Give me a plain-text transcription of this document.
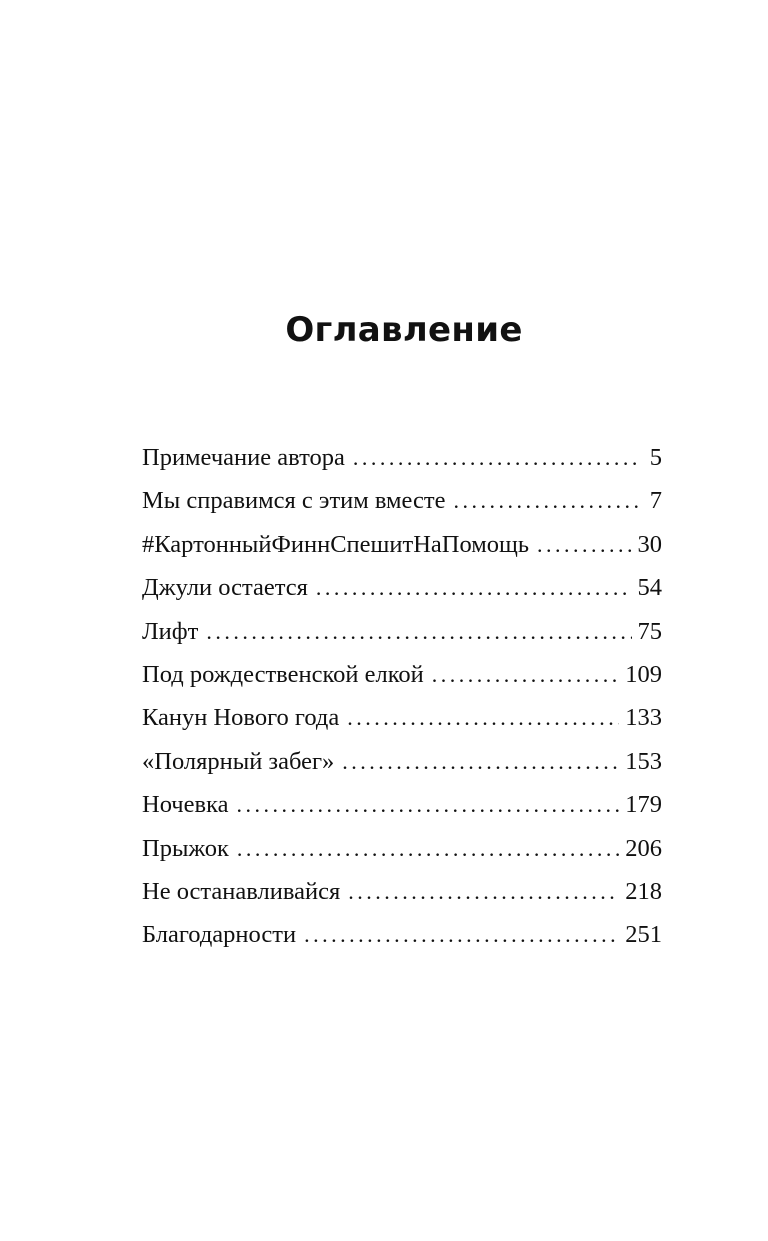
Оглавление
Примечание автора . . .	5
Мы справимся с этим вместе . . .	7
#КартонныйФиннСпешитНаПомощь . . .	30
Джули остается . . .	54
Лифт . . .	75
Под рождественской елкой . . .	109
Канун Нового года . . .	133
«Полярный забег» . . .	153
Ночевка . . .	179
Прыжок . . .	206
Не останавливайся . . .	218
Благодарности . . .	251
